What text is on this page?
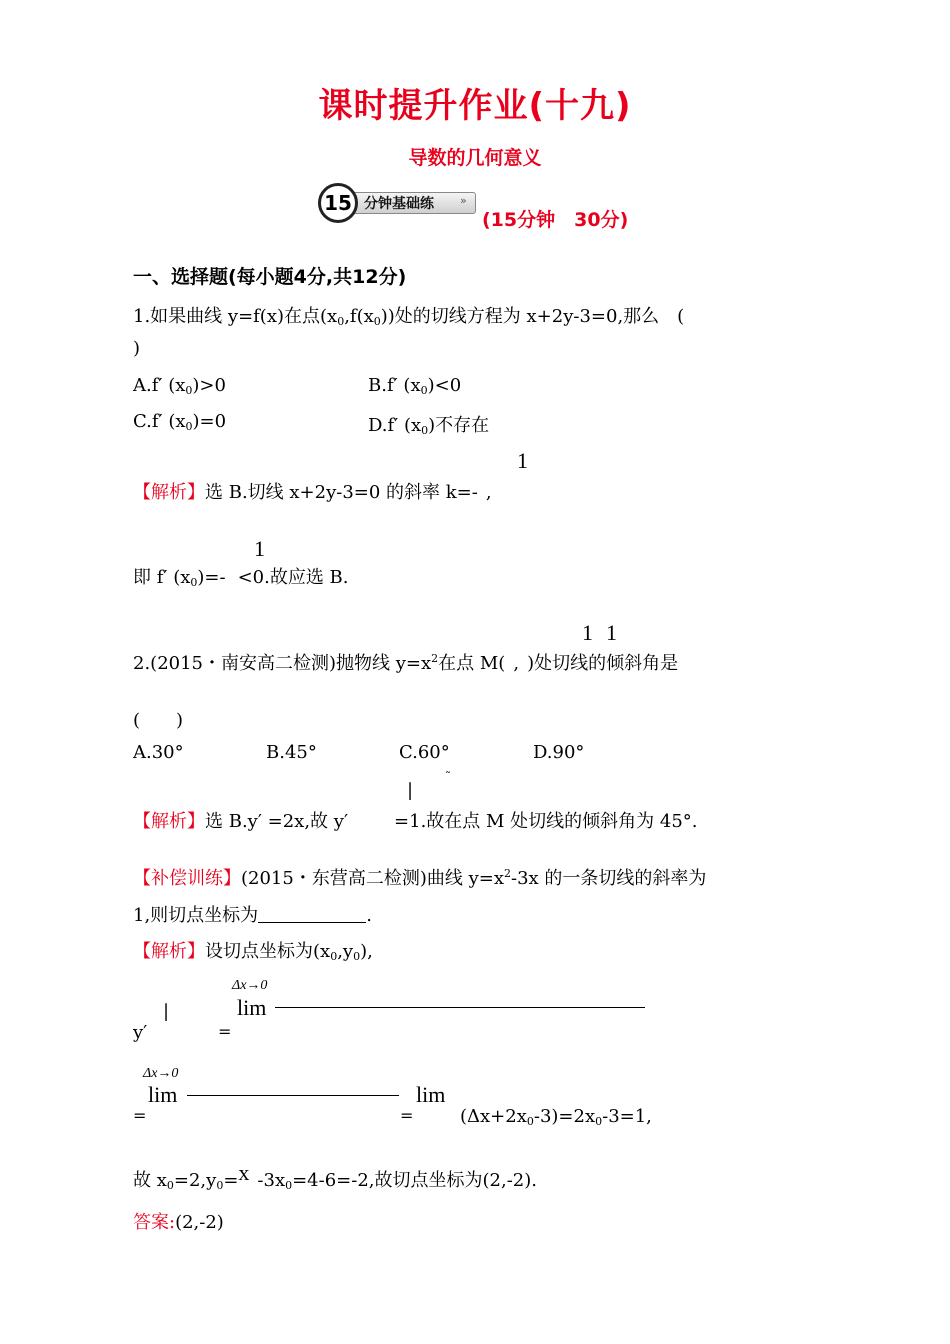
课时提升作业(十九)
导数的几何意义
15 分钟基础练 »
(15分钟　30分)
一、选择题(每小题4分,共12分)
1.如果曲线 y=f(x)在点$(x_0,f(x_0))$处的切线方程为 x+2y-3=0,那么　(
)
A.f′ $(x_0)>0$	B.f′ $(x_0)<0$
C.f′ $(x_0)=0$	D.f′ $(x_0)$不存在
1
【解析】选 B.切线 x+2y-3=0 的斜率 k=- ,
1
即 f′ $(x_0)=- <0$.故应选 B.
1 1
2.(2015・南安高二检测)抛物线 $y=x^2$在点 M( , )处切线的倾斜角是
(　　)
A.30°	B.45°	C.60°	D.90°
|
˜
【解析】选 B.y′ =2x,故 y′	=1.故在点 M 处切线的倾斜角为 45°.
【补偿训练】(2015・东营高二检测)曲线 $y=x^2-3x$ 的一条切线的斜率为
1,则切点坐标为	.
【解析】设切点坐标为$(x_0,y_0)$,
Δx→0
lim
|
y′	=
Δx→0
lim
=	=
lim
$(\Delta x+2x_0-3)=2x_0-3=1$,
故 $x_0=2,y_0=x$ $-3x_0=4-6=-2$,故切点坐标为(2,-2).
答案:(2,-2)
